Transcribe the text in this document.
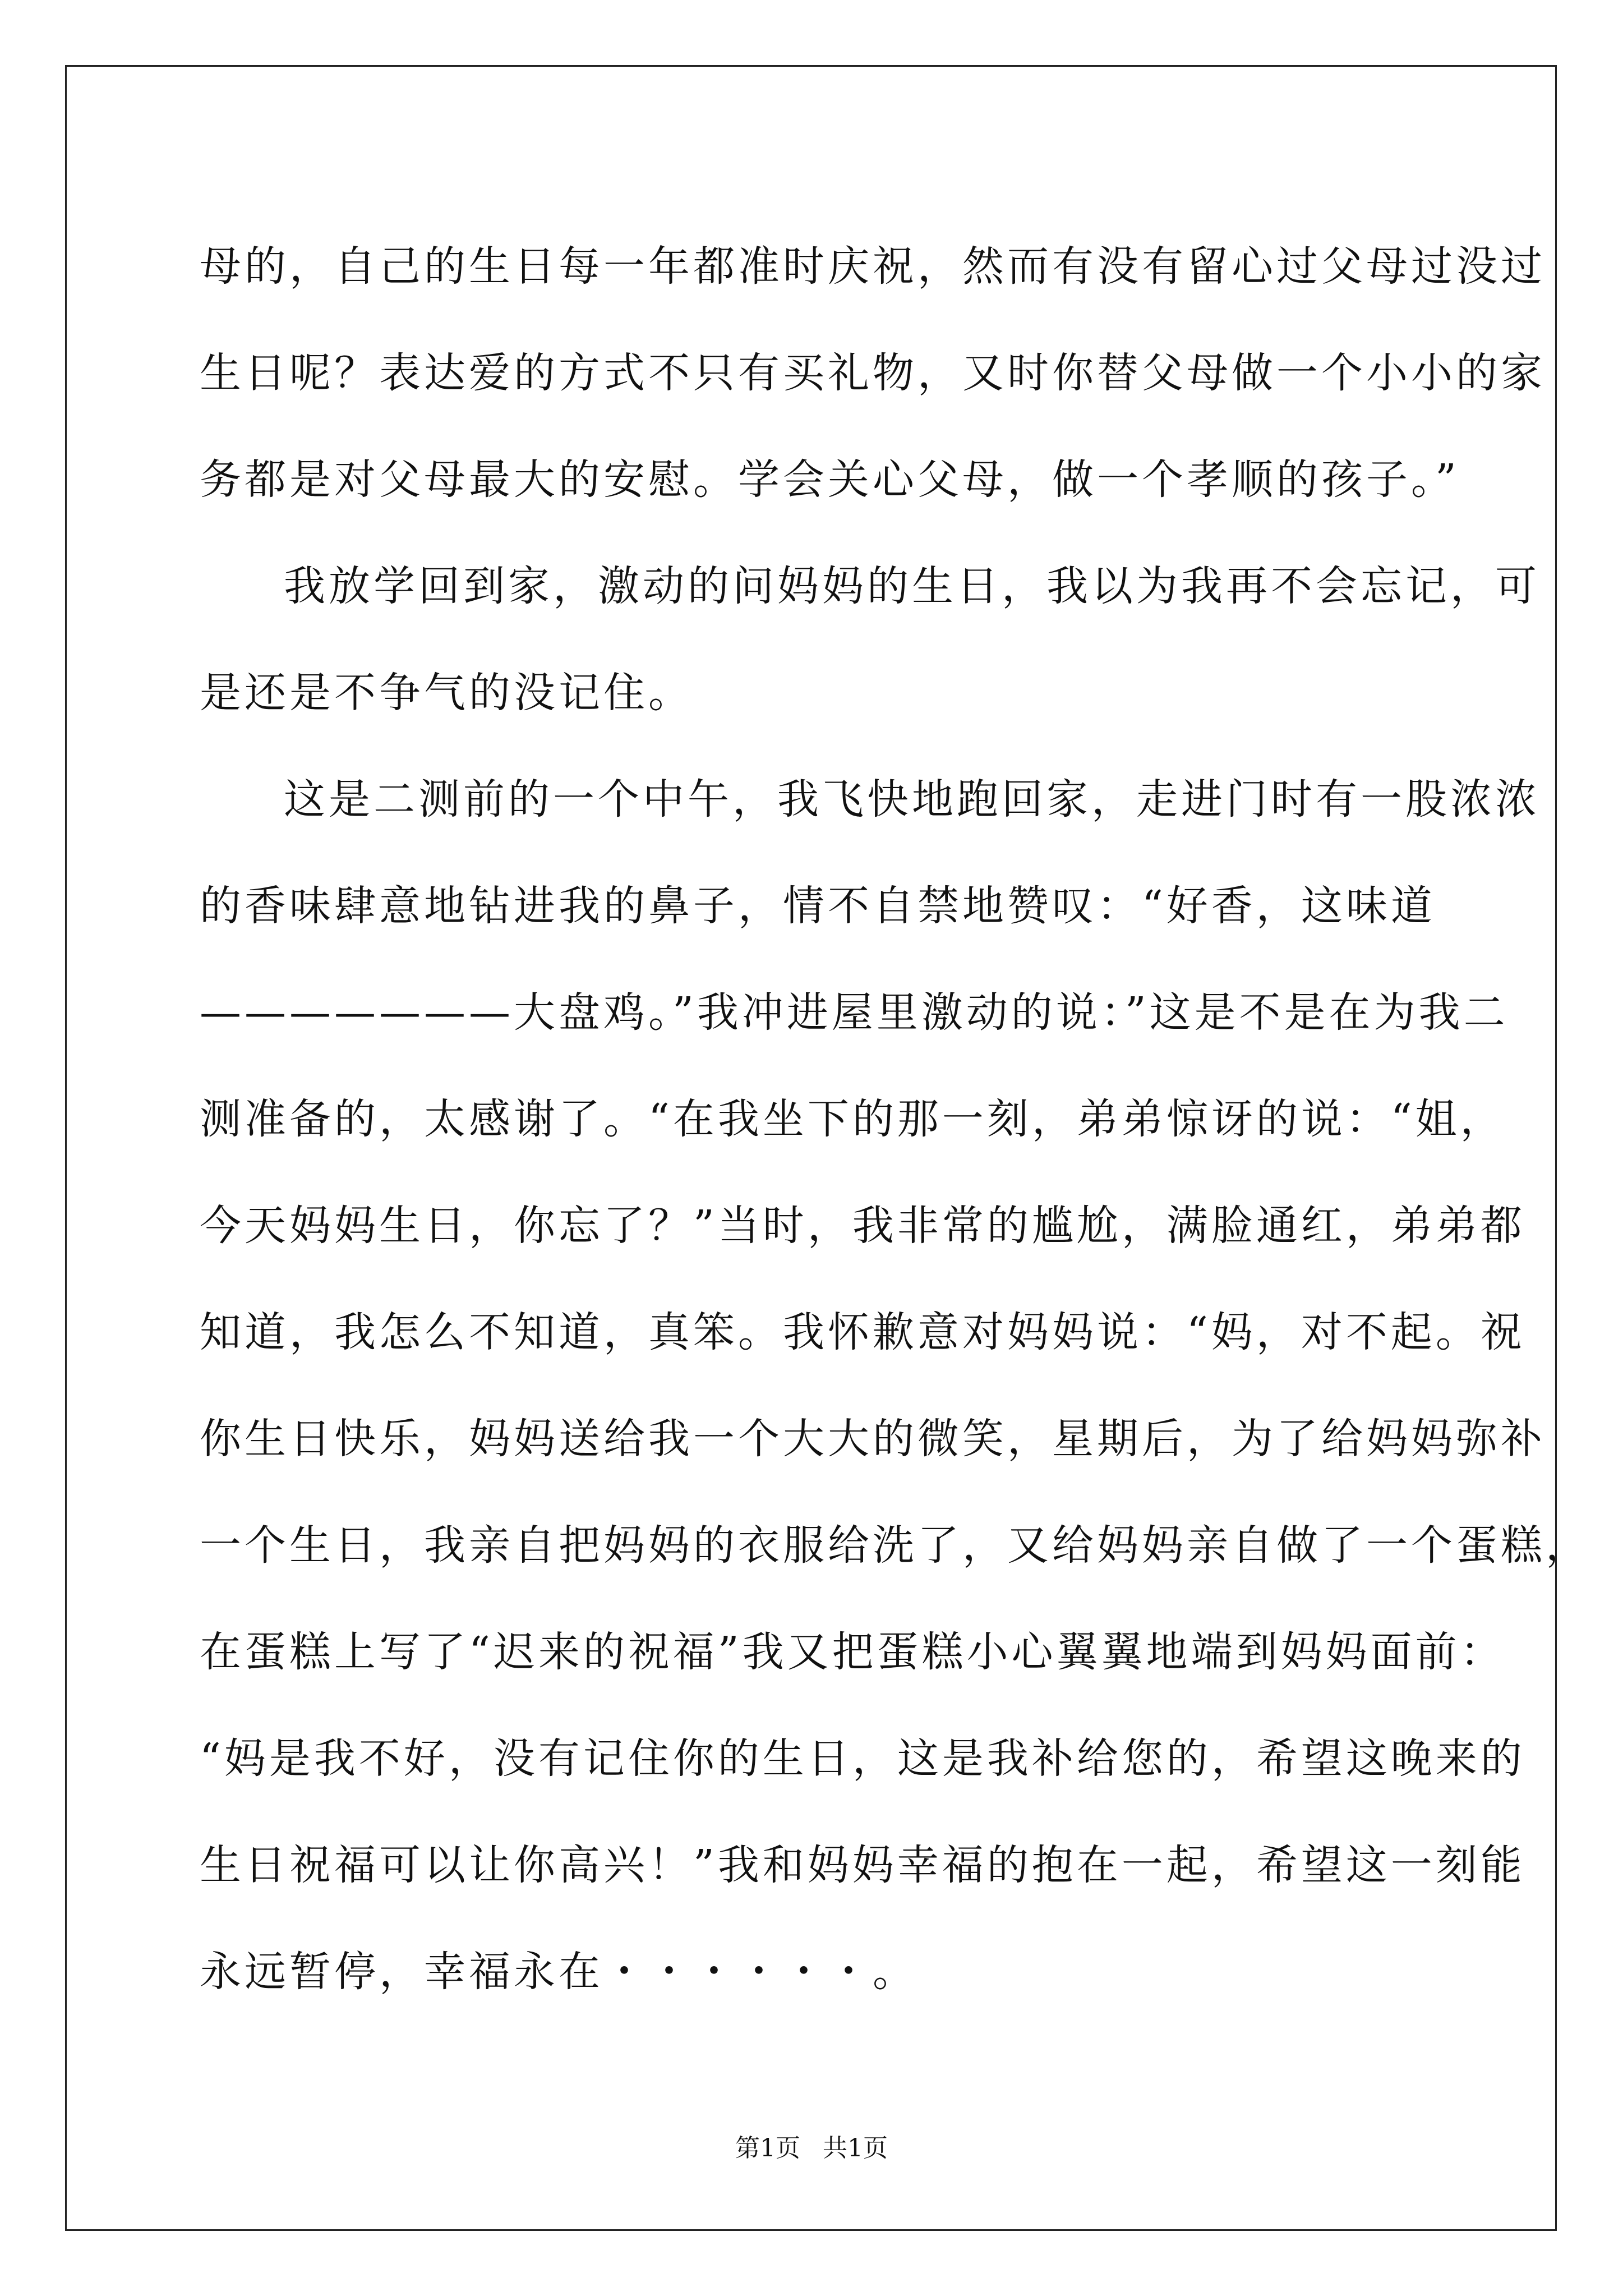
母的，自己的生日每一年都准时庆祝，然而有没有留心过父母过没过
生日呢？表达爱的方式不只有买礼物，又时你替父母做一个小小的家
务都是对父母最大的安慰。学会关心父母，做一个孝顺的孩子。”
我放学回到家，激动的问妈妈的生日，我以为我再不会忘记，可
是还是不争气的没记住。
这是二测前的一个中午，我飞快地跑回家，走进门时有一股浓浓
的香味肆意地钻进我的鼻子，情不自禁地赞叹：“好香，这味道
———————大盘鸡。”我冲进屋里激动的说：”这是不是在为我二
测准备的，太感谢了。“在我坐下的那一刻，弟弟惊讶的说：“姐，
今天妈妈生日，你忘了？”当时，我非常的尴尬，满脸通红，弟弟都
知道，我怎么不知道，真笨。我怀歉意对妈妈说：“妈，对不起。祝
你生日快乐，妈妈送给我一个大大的微笑，星期后，为了给妈妈弥补
一个生日，我亲自把妈妈的衣服给洗了，又给妈妈亲自做了一个蛋糕，
在蛋糕上写了“迟来的祝福”我又把蛋糕小心翼翼地端到妈妈面前：
“妈是我不好，没有记住你的生日，这是我补给您的，希望这晚来的
生日祝福可以让你高兴！”我和妈妈幸福的抱在一起，希望这一刻能
永远暂停，幸福永在・・・・・・。
第1页 共1页
